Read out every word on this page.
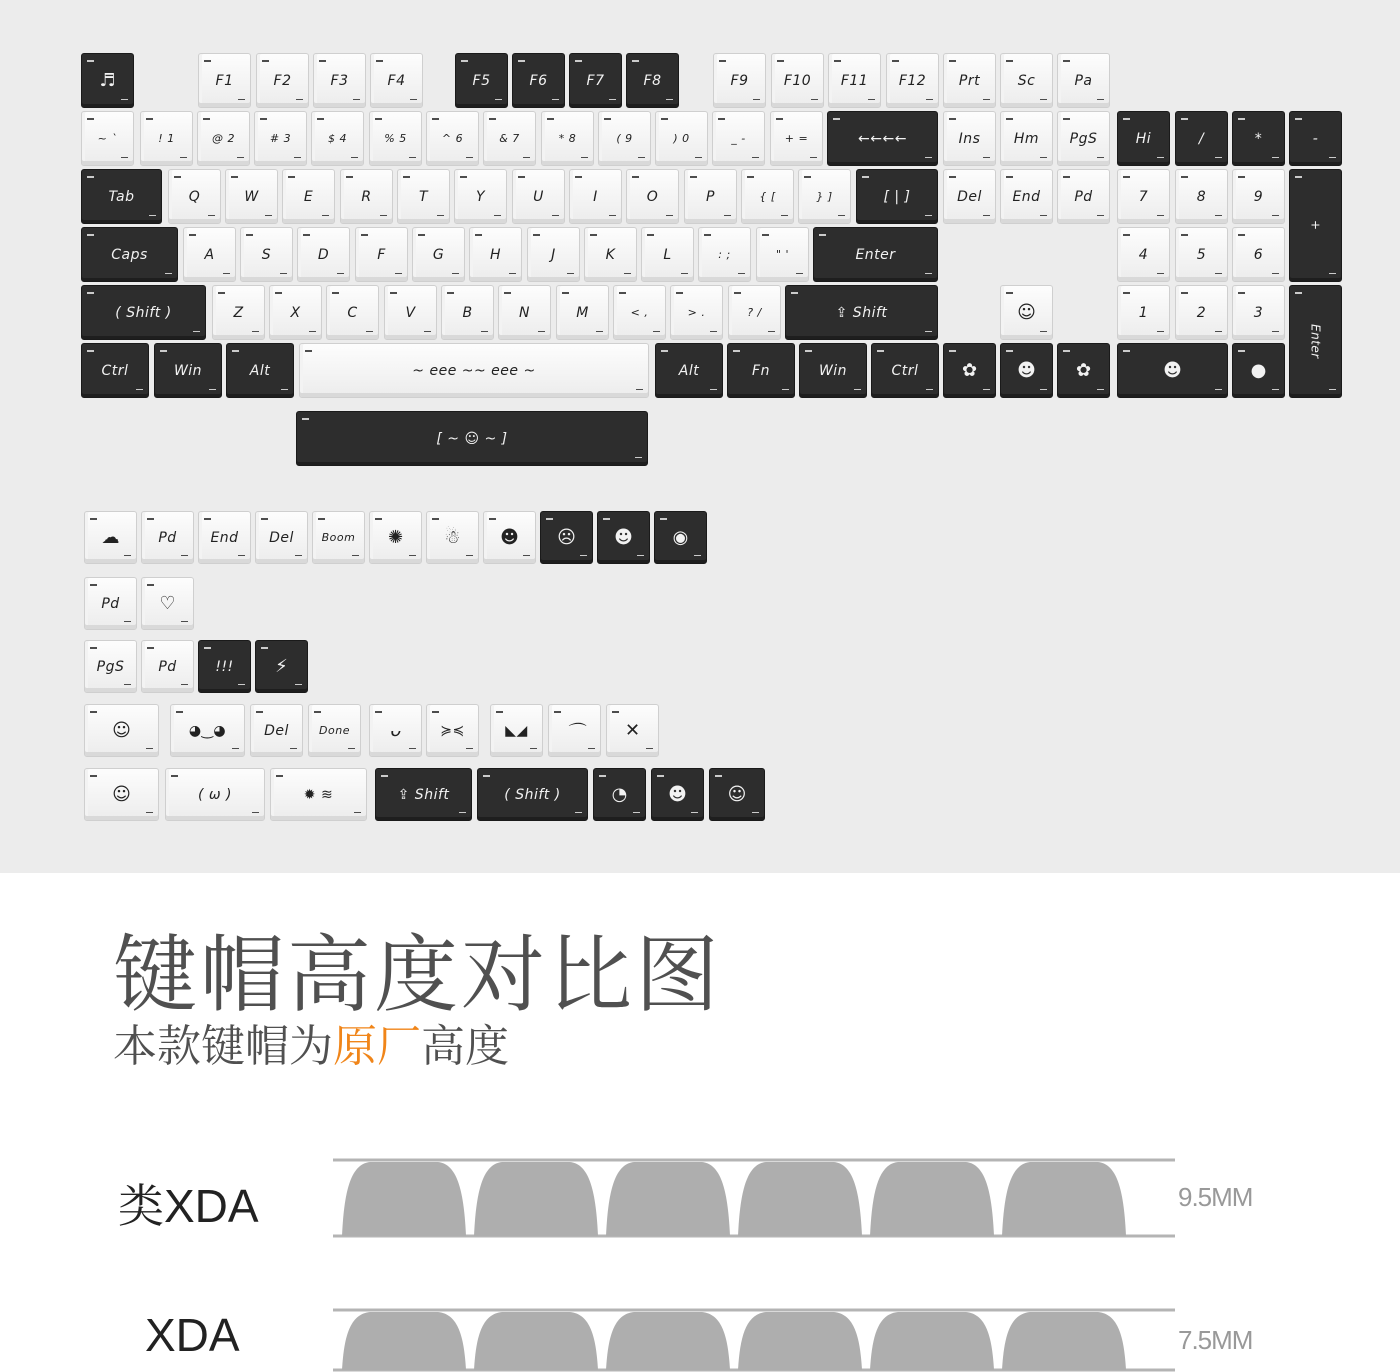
♬	F1	F2	F3	F4	F5	F6	F7	F8	F9	F10 F11 F12 Prt	Sc	Pa
~ `	! 1	@ 2	# 3	$ 4	% 5	^ 6	& 7	* 8	( 9	) 0	_ -	+ =	←←←←	Ins Hm PgS	Hi	/	*	-
Tab	Q	W	E	R	T	Y	U	I	O	P	{ [	} ]	[ | ]	Del End Pd	7	8	9
+
Caps	A	S	D	F	G	H	J	K	L	: ;	" '	Enter	4	5	6
( Shift )	Z	X	C	V	B	N	M	< ,	> .	? /	⇪ Shift	☺	1	2	3
Enter
Ctrl	Win	Alt	~ eee ~~ eee ~	Alt	Fn	Win	Ctrl ✿ ☻ ✿	☻	●
[ ~ ☺ ~ ]
☁	Pd End Del	Boom ✺ ☃ ☻ ☹ ☻ ◉
Pd ♡
PgS Pd	!!! ⚡
☺	◕‿◕	Del	Done ᴗ	≽≼	◣◢ ⌒ ✕
☺	( ω )	✹ ≋	⇪ Shift	( Shift )	◔ ☻ ☺
键帽高度对比图
本款键帽为原厂高度
类XDA	9.5MM
XDA	7.5MM
